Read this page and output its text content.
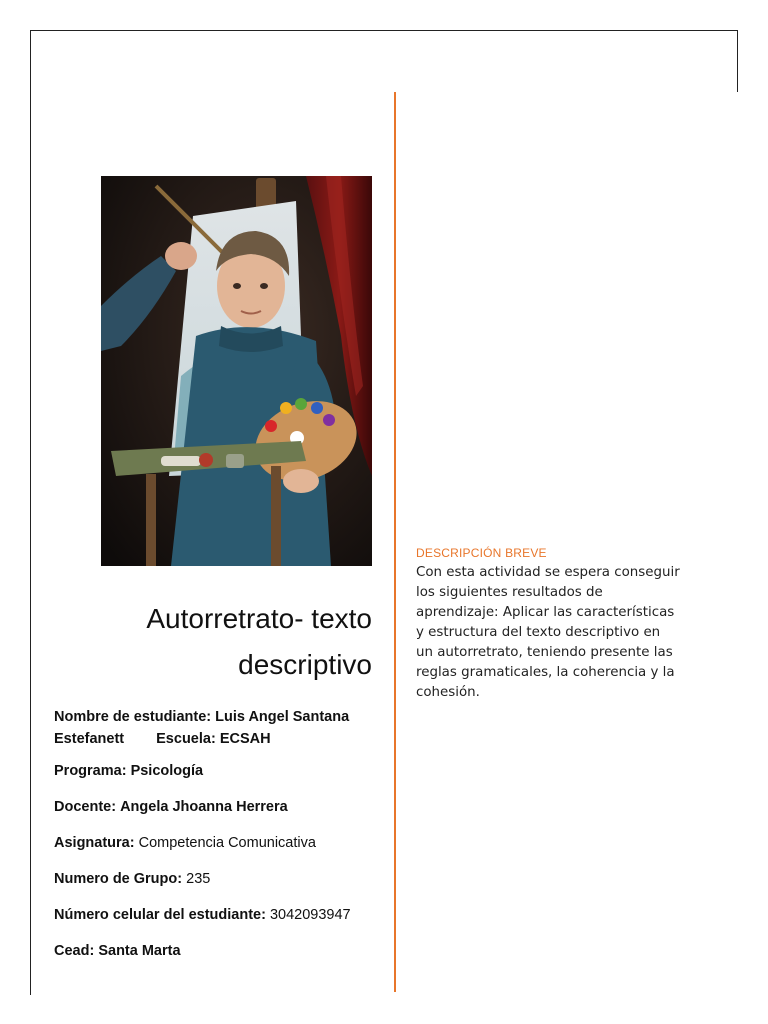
Autorretrato- texto
descriptivo
Nombre de estudiante: Luis Angel Santana
Estefanett Escuela: ECSAH
Programa: Psicología
Docente: Angela Jhoanna Herrera
Asignatura: Competencia Comunicativa
Numero de Grupo: 235
Número celular del estudiante: 3042093947
Cead: Santa Marta
DESCRIPCIÓN BREVE
Con esta actividad se espera conseguir
los siguientes resultados de
aprendizaje: Aplicar las características
y estructura del texto descriptivo en
un autorretrato, teniendo presente las
reglas gramaticales, la coherencia y la
cohesión.
